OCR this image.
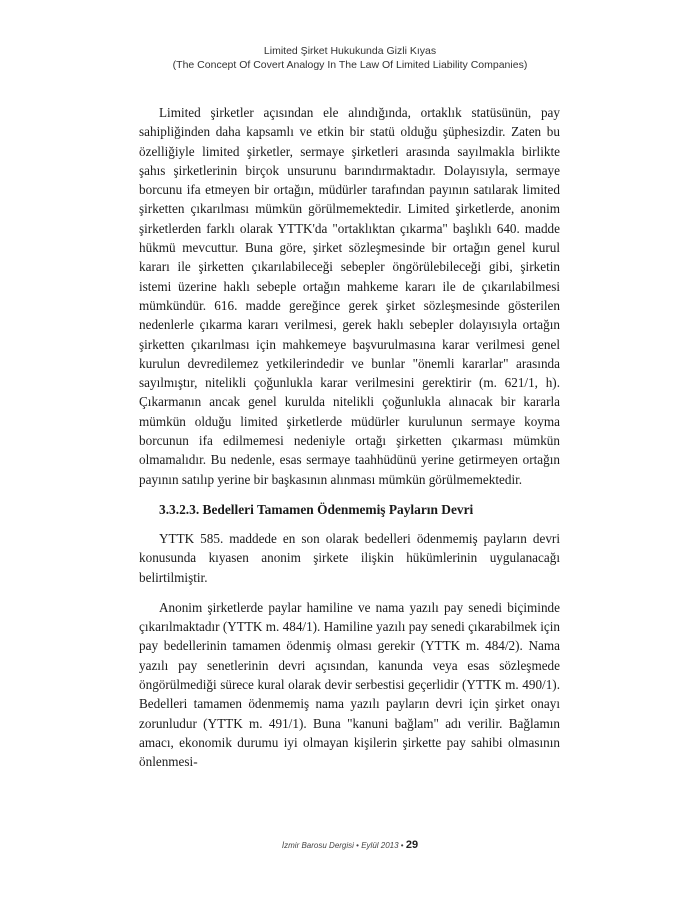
Limited Şirket Hukukunda Gizli Kıyas
(The Concept Of Covert Analogy In The Law Of Limited Liability Companies)

Limited şirketler açısından ele alındığında, ortaklık statüsünün, pay sahipliğinden daha kapsamlı ve etkin bir statü olduğu şüphesizdir. Zaten bu özelliğiyle limited şirketler, sermaye şirketleri arasında sayılmakla birlikte şahıs şirketlerinin birçok unsurunu barındırmaktadır. Dolayısıyla, sermaye borcunu ifa etmeyen bir ortağın, müdürler tarafından payının satılarak limited şirketten çıkarılması mümkün görülmemektedir. Limited şirketlerde, anonim şirketlerden farklı olarak YTTK'da "ortaklıktan çıkarma" başlıklı 640. madde hükmü mevcuttur. Buna göre, şirket sözleşmesinde bir ortağın genel kurul kararı ile şirketten çıkarılabileceği sebepler öngörülebileceği gibi, şirketin istemi üzerine haklı sebeple ortağın mahkeme kararı ile de çıkarılabilmesi mümkündür. 616. madde gereğince gerek şirket sözleşmesinde gösterilen nedenlerle çıkarma kararı verilmesi, gerek haklı sebepler dolayısıyla ortağın şirketten çıkarılması için mahkemeye başvurulmasına karar verilmesi genel kurulun devredilemez yetkilerindedir ve bunlar "önemli kararlar" arasında sayılmıştır, nitelikli çoğunlukla karar verilmesini gerektirir (m. 621/1, h). Çıkarmanın ancak genel kurulda nitelikli çoğunlukla alınacak bir kararla mümkün olduğu limited şirketlerde müdürler kurulunun sermaye koyma borcunun ifa edilmemesi nedeniyle ortağı şirketten çıkarması mümkün olmamalıdır. Bu nedenle, esas sermaye taahhüdünü yerine getirmeyen ortağın payının satılıp yerine bir başkasının alınması mümkün görülmemektedir.

3.3.2.3. Bedelleri Tamamen Ödenmemiş Payların Devri

YTTK 585. maddede en son olarak bedelleri ödenmemiş payların devri konusunda kıyasen anonim şirkete ilişkin hükümlerinin uygulanacağı belirtilmiştir.

Anonim şirketlerde paylar hamiline ve nama yazılı pay senedi biçiminde çıkarılmaktadır (YTTK m. 484/1). Hamiline yazılı pay senedi çıkarabilmek için pay bedellerinin tamamen ödenmiş olması gerekir (YTTK m. 484/2). Nama yazılı pay senetlerinin devri açısından, kanunda veya esas sözleşmede öngörülmediği sürece kural olarak devir serbestisi geçerlidir (YTTK m. 490/1). Bedelleri tamamen ödenmemiş nama yazılı payların devri için şirket onayı zorunludur (YTTK m. 491/1). Buna "kanuni bağlam" adı verilir. Bağlamın amacı, ekonomik durumu iyi olmayan kişilerin şirkette pay sahibi olmasının önlenmesi-

İzmir Barosu Dergisi • Eylül 2013 • 29
